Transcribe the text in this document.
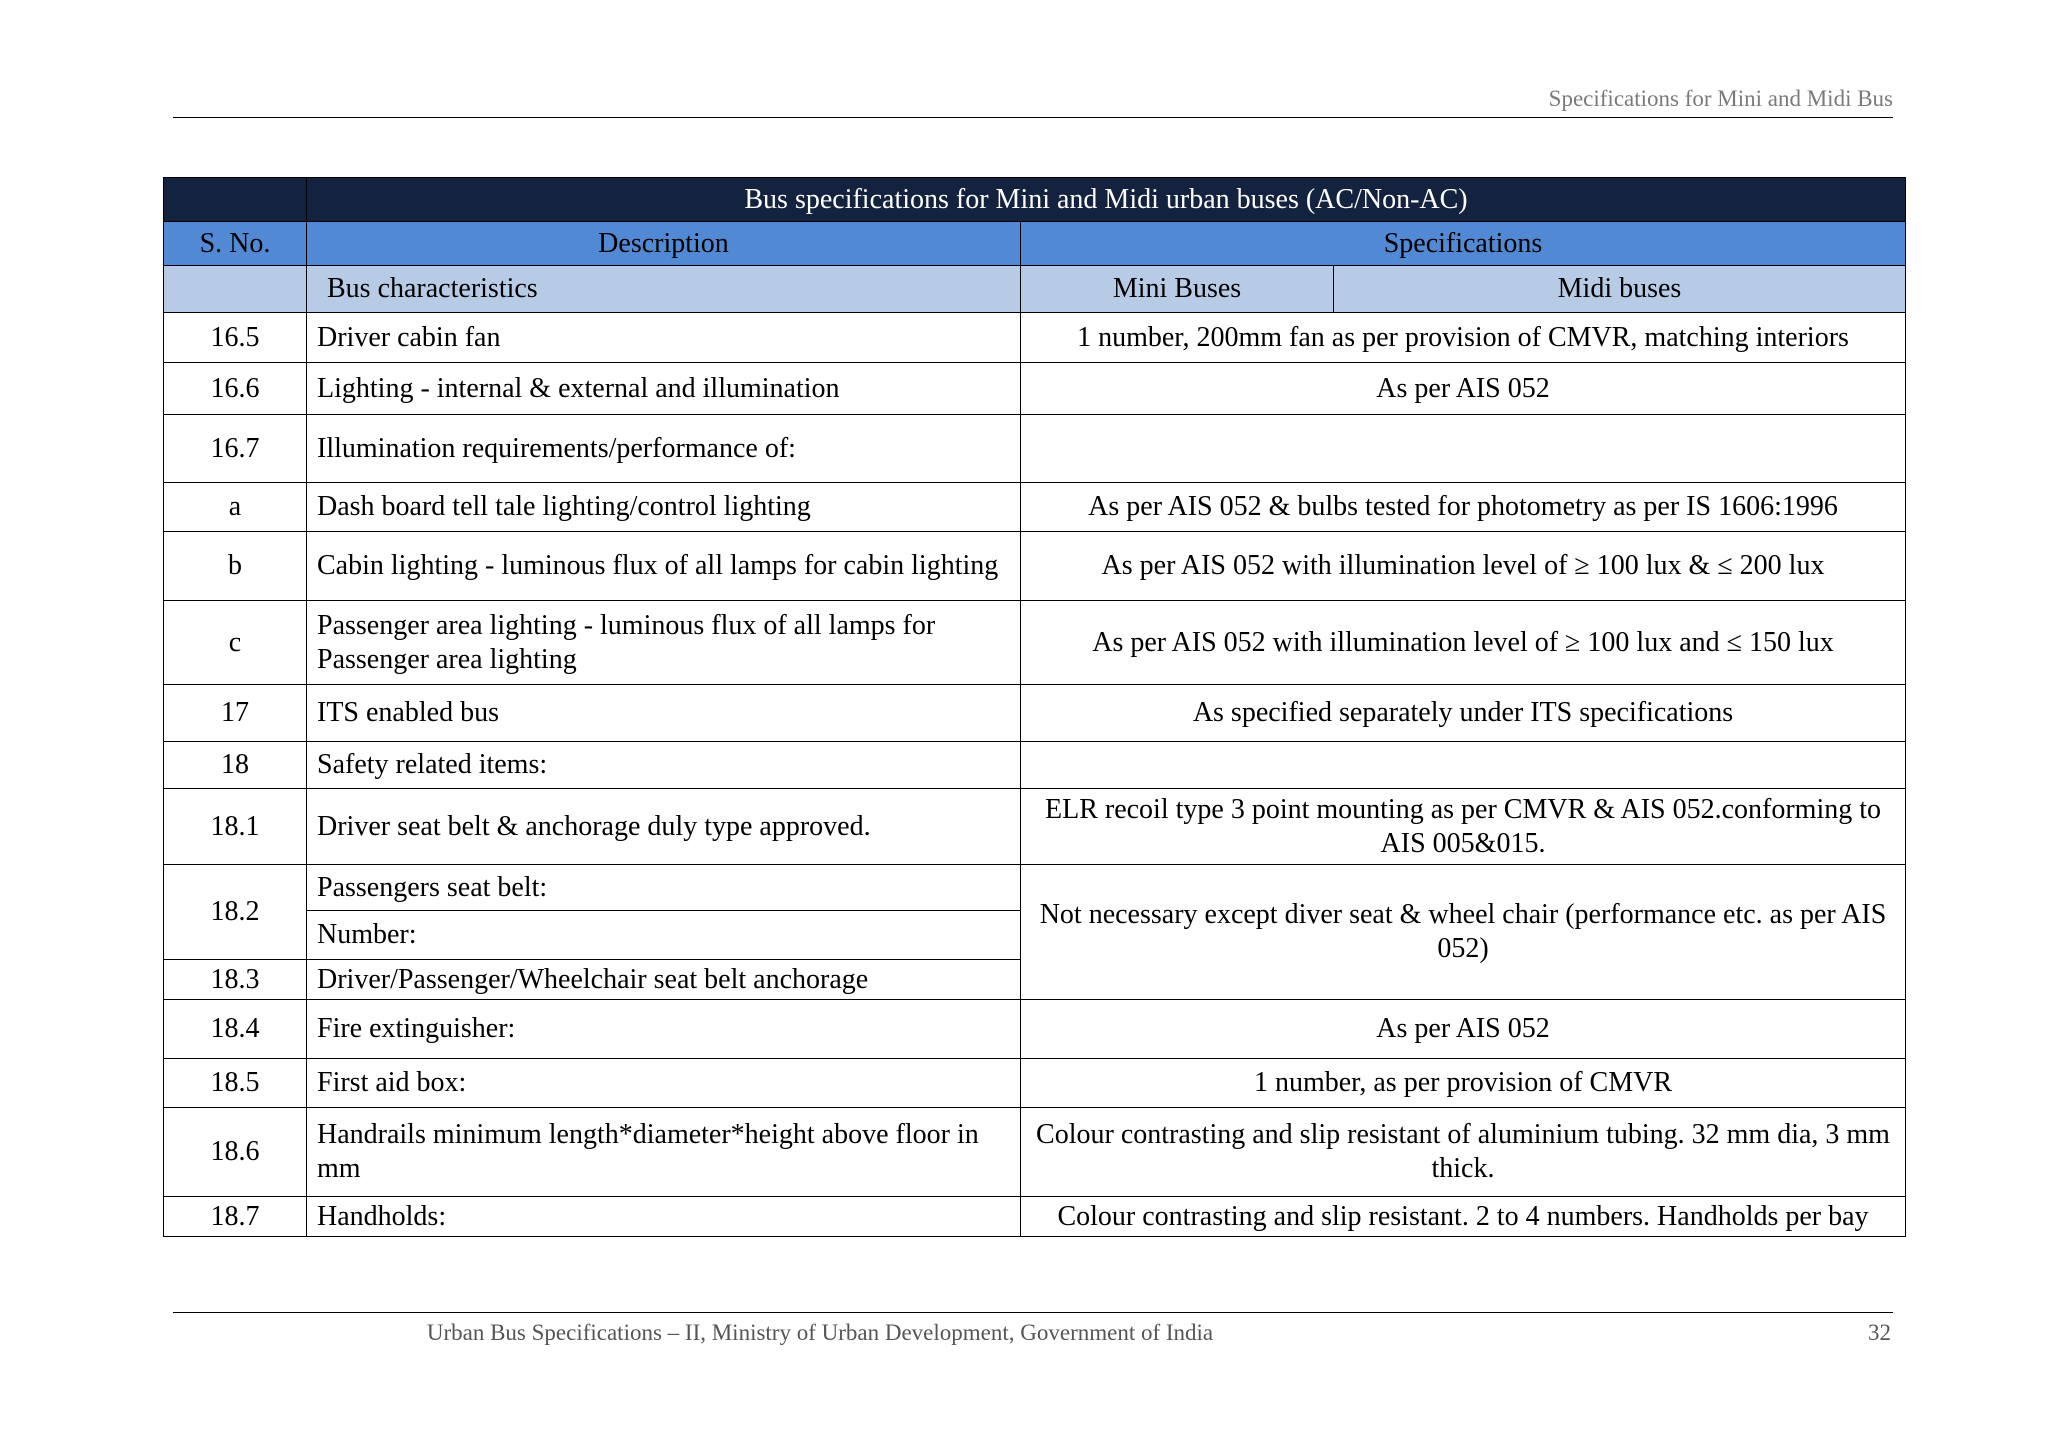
Specifications for Mini and Midi Bus
	Bus specifications for Mini and Midi urban buses (AC/Non-AC)		
S. No.	Description	Specifications	
	Bus characteristics	Mini Buses	Midi buses
16.5	Driver cabin fan	1 number, 200mm fan as per provision of CMVR, matching interiors	
16.6	Lighting - internal & external and illumination	As per AIS 052	
16.7	Illumination requirements/performance of:		
a	Dash board tell tale lighting/control lighting	As per AIS 052 & bulbs tested for photometry as per IS 1606:1996	
b	Cabin lighting - luminous flux of all lamps for cabin lighting	As per AIS 052 with illumination level of ≥ 100 lux & ≤ 200 lux	
c	Passenger area lighting - luminous flux of all lamps for Passenger area lighting	As per AIS 052 with illumination level of ≥ 100 lux and ≤ 150 lux	
17	ITS enabled bus	As specified separately under ITS specifications	
18	Safety related items:		
18.1	Driver seat belt & anchorage duly type approved.	ELR recoil type 3 point mounting as per CMVR & AIS 052.conforming to AIS 005&015.	
18.2	Passengers seat belt:	Not necessary except diver seat & wheel chair (performance etc. as per AIS 052)	
	Number:		
18.3	Driver/Passenger/Wheelchair seat belt anchorage		
18.4	Fire extinguisher:	As per AIS 052	
18.5	First aid box:	1 number, as per provision of CMVR	
18.6	Handrails minimum length*diameter*height above floor in mm	Colour contrasting and slip resistant of aluminium tubing. 32 mm dia, 3 mm thick.	
18.7	Handholds:	Colour contrasting and slip resistant. 2 to 4 numbers. Handholds per bay	
Urban Bus Specifications – II, Ministry of Urban Development, Government of India	32
